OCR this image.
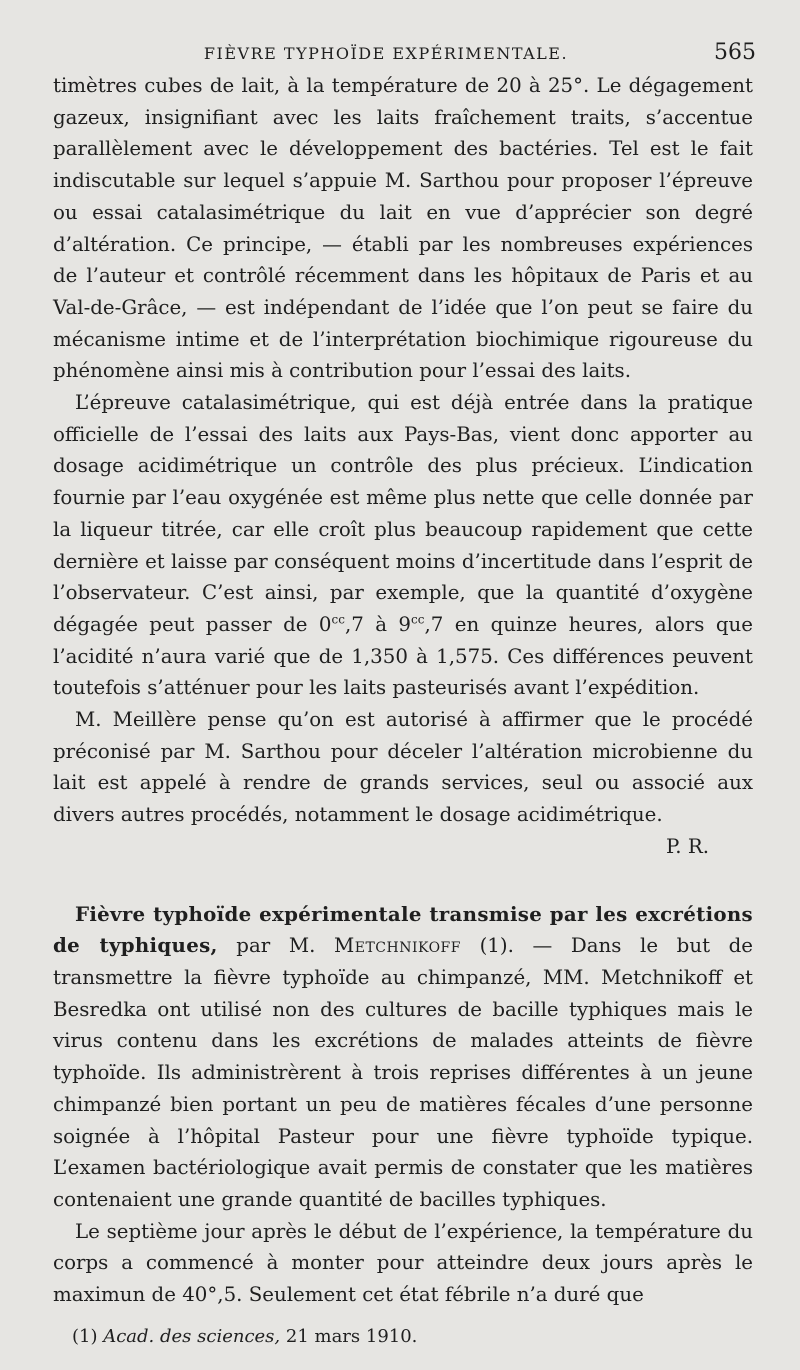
FIÈVRE TYPHOÏDE EXPÉRIMENTALE.	565

timètres cubes de lait, à la température de 20 à 25°. Le dégagement gazeux, insignifiant avec les laits fraîchement traits, s’accentue parallèlement avec le développement des bactéries. Tel est le fait indiscutable sur lequel s’appuie M. Sarthou pour proposer l’épreuve ou essai catalasimétrique du lait en vue d’apprécier son degré d’altération. Ce principe, — établi par les nombreuses expériences de l’auteur et contrôlé récemment dans les hôpitaux de Paris et au Val-de-Grâce, — est indépendant de l’idée que l’on peut se faire du mécanisme intime et de l’interprétation biochimique rigoureuse du phénomène ainsi mis à contribution pour l’essai des laits.

L’épreuve catalasimétrique, qui est déjà entrée dans la pratique officielle de l’essai des laits aux Pays-Bas, vient donc apporter au dosage acidimétrique un contrôle des plus précieux. L’indication fournie par l’eau oxygénée est même plus nette que celle donnée par la liqueur titrée, car elle croît plus beaucoup rapidement que cette dernière et laisse par conséquent moins d’incertitude dans l’esprit de l’observateur. C’est ainsi, par exemple, que la quantité d’oxygène dégagée peut passer de $0^{cc},7$ à $9^{cc},7$ en quinze heures, alors que l’acidité n’aura varié que de 1,350 à 1,575. Ces différences peuvent toutefois s’atténuer pour les laits pasteurisés avant l’expédition.

M. Meillère pense qu’on est autorisé à affirmer que le procédé préconisé par M. Sarthou pour déceler l’altération microbienne du lait est appelé à rendre de grands services, seul ou associé aux divers autres procédés, notamment le dosage acidimétrique.

P. R.

Fièvre typhoïde expérimentale transmise par les excrétions de typhiques, par M. Metchnikoff (1). — Dans le but de transmettre la fièvre typhoïde au chimpanzé, MM. Metchnikoff et Besredka ont utilisé non des cultures de bacille typhiques mais le virus contenu dans les excrétions de malades atteints de fièvre typhoïde. Ils administrèrent à trois reprises différentes à un jeune chimpanzé bien portant un peu de matières fécales d’une personne soignée à l’hôpital Pasteur pour une fièvre typhoïde typique. L’examen bactériologique avait permis de constater que les matières contenaient une grande quantité de bacilles typhiques.

Le septième jour après le début de l’expérience, la température du corps a commencé à monter pour atteindre deux jours après le maximun de 40°,5. Seulement cet état fébrile n’a duré que

(1) Acad. des sciences, 21 mars 1910.
